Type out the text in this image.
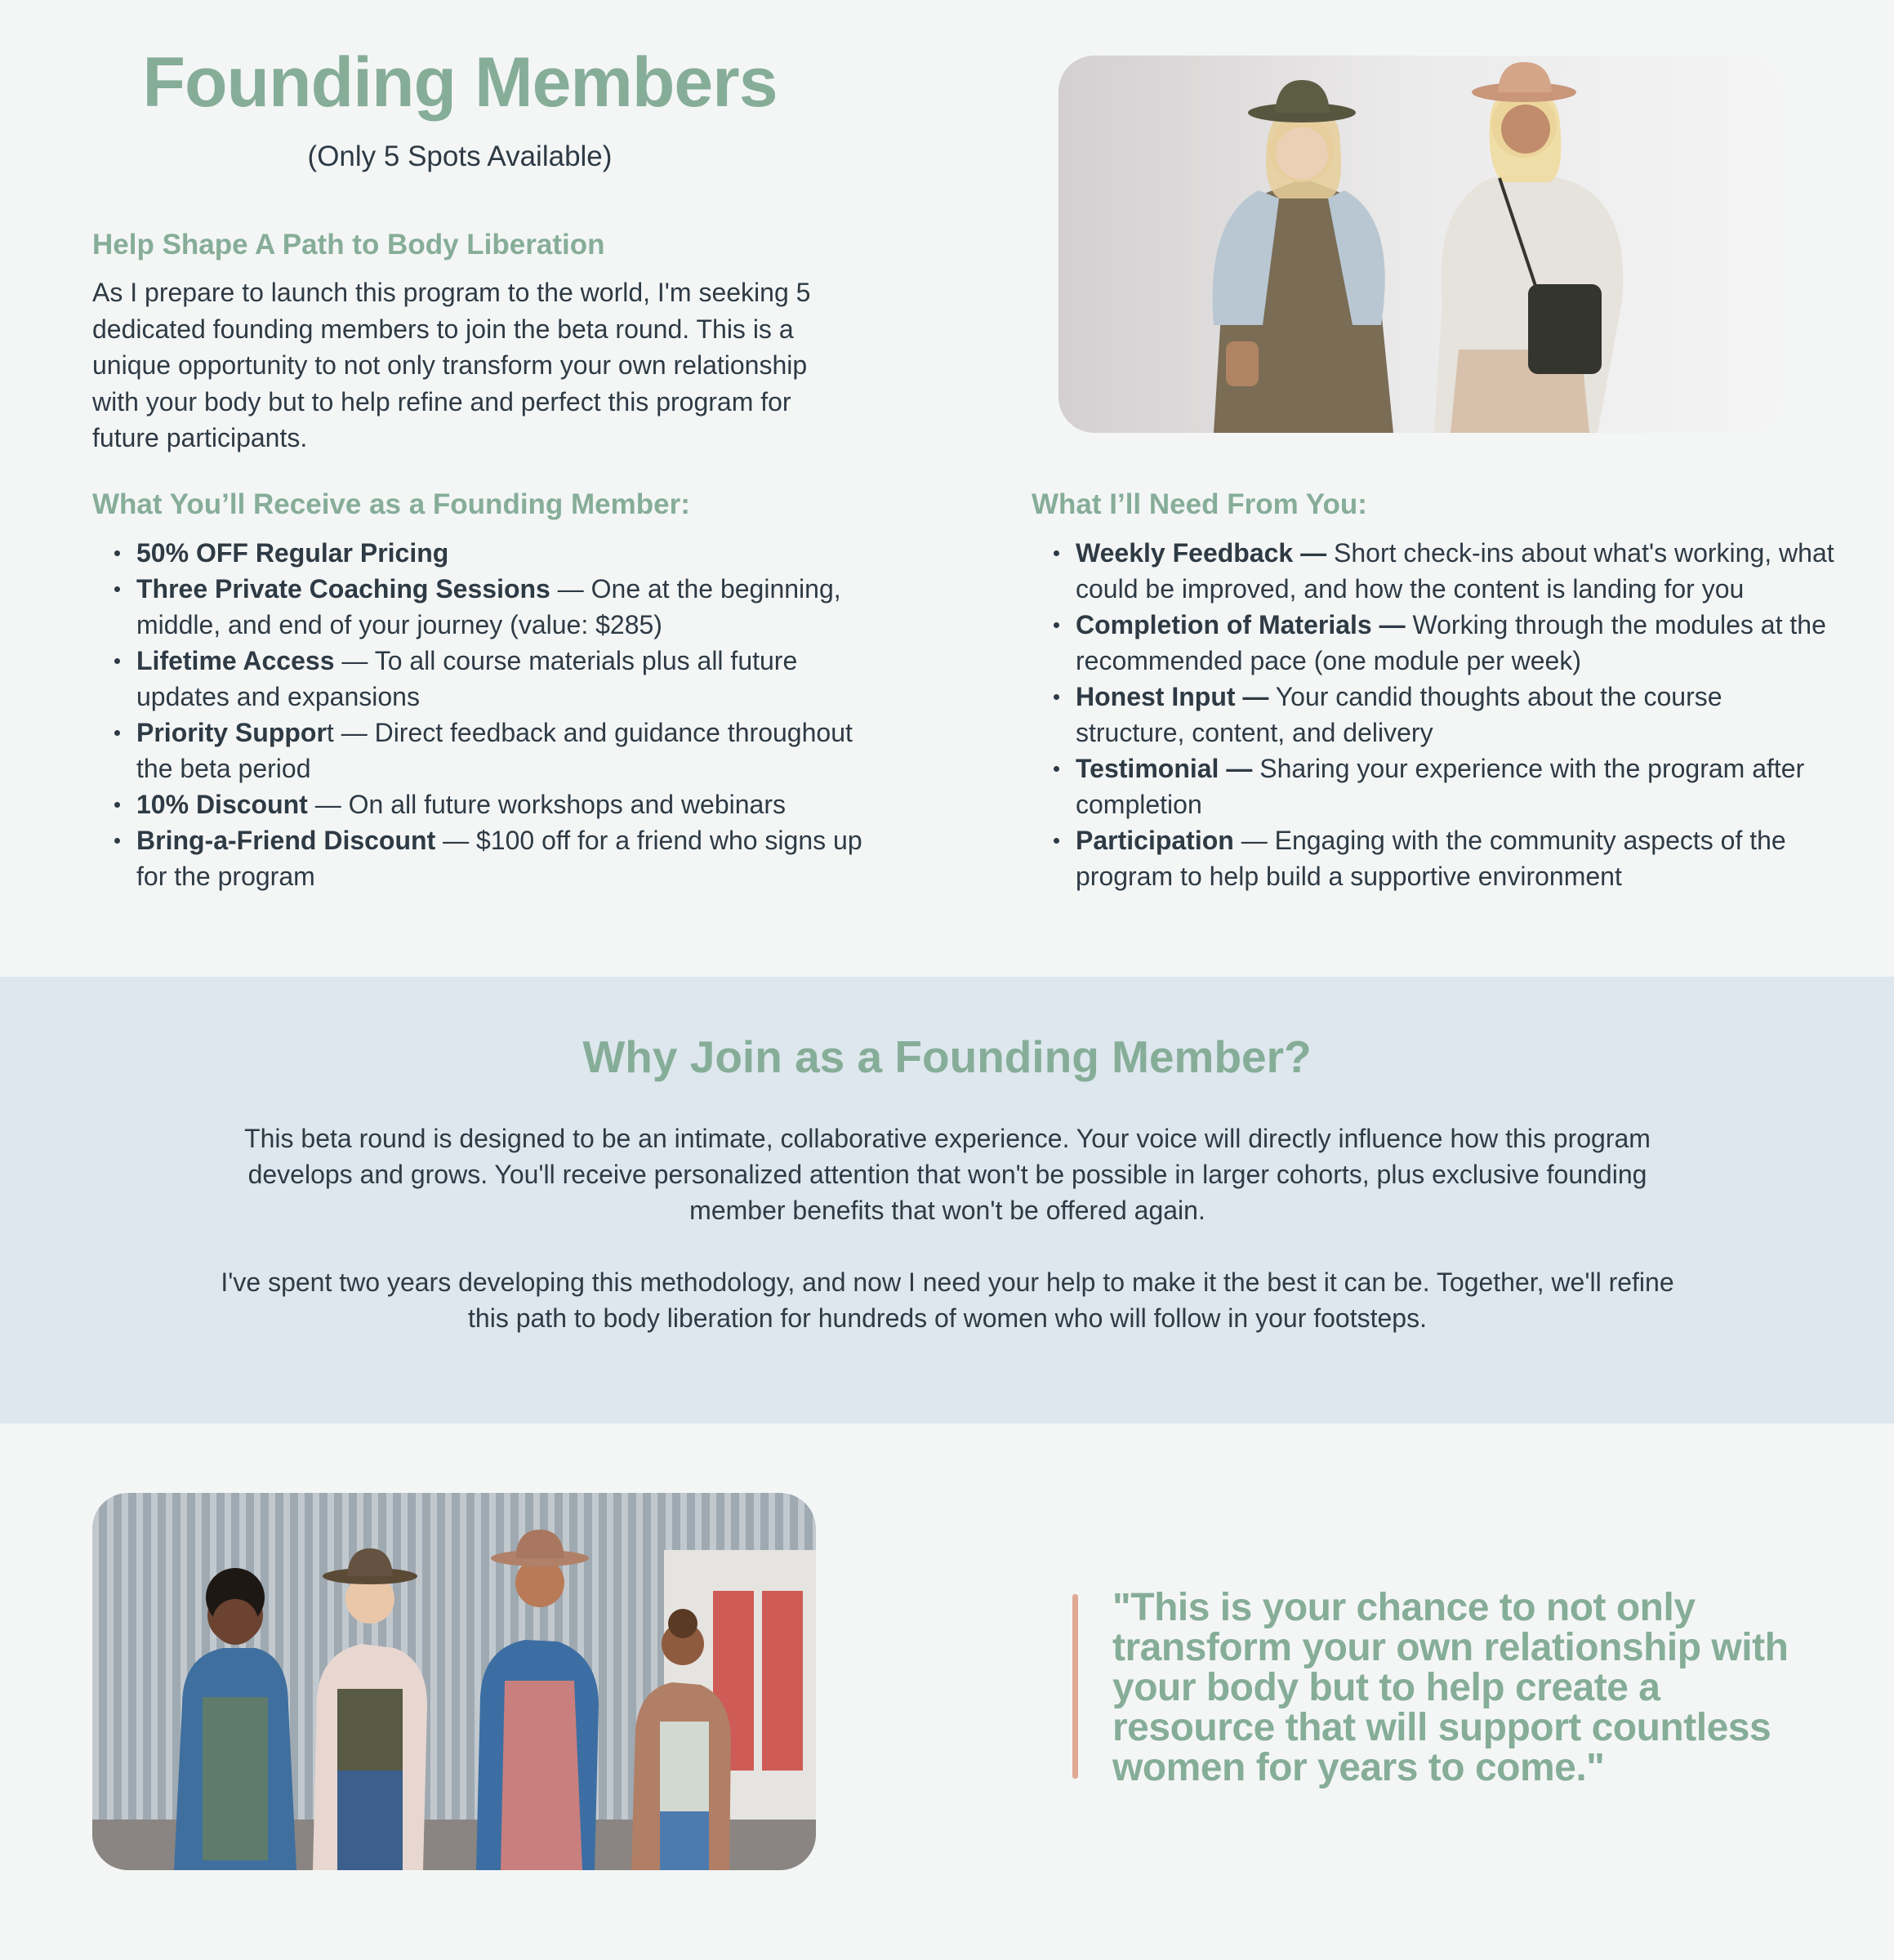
Founding Members

(Only 5 Spots Available)

Help Shape A Path to Body Liberation

As I prepare to launch this program to the world, I'm seeking 5 dedicated founding members to join the beta round. This is a unique opportunity to not only transform your own relationship with your body but to help refine and perfect this program for future participants.

What You’ll Receive as a Founding Member:
50% OFF Regular Pricing
Three Private Coaching Sessions — One at the beginning, middle, and end of your journey (value: $285)
Lifetime Access — To all course materials plus all future updates and expansions
Priority Support — Direct feedback and guidance throughout the beta period
10% Discount — On all future workshops and webinars
Bring-a-Friend Discount — $100 off for a friend who signs up for the program
What I’ll Need From You:
Weekly Feedback — Short check-ins about what's working, what could be improved, and how the content is landing for you
Completion of Materials — Working through the modules at the recommended pace (one module per week)
Honest Input — Your candid thoughts about the course structure, content, and delivery
Testimonial — Sharing your experience with the program after completion
Participation — Engaging with the community aspects of the program to help build a supportive environment
Why Join as a Founding Member?

This beta round is designed to be an intimate, collaborative experience. Your voice will directly influence how this program develops and grows. You'll receive personalized attention that won't be possible in larger cohorts, plus exclusive founding member benefits that won't be offered again.

I've spent two years developing this methodology, and now I need your help to make it the best it can be. Together, we'll refine this path to body liberation for hundreds of women who will follow in your footsteps.

"This is your chance to not only transform your own relationship with your body but to help create a resource that will support countless women for years to come."
